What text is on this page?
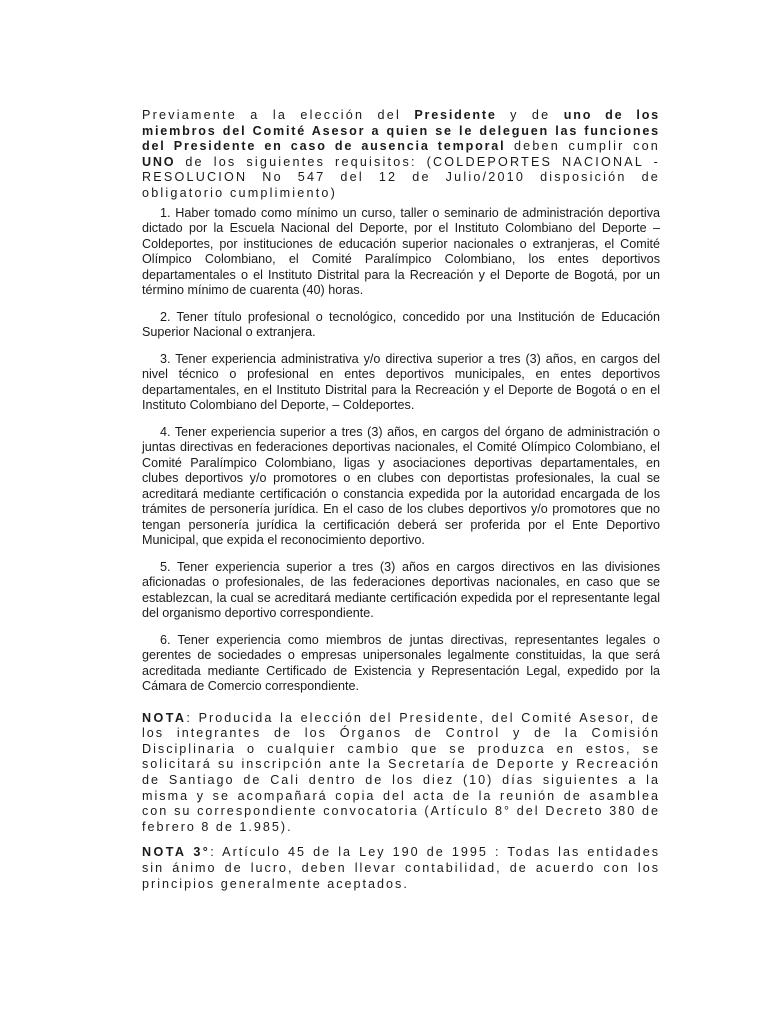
Previamente a la elección del Presidente y de uno de los miembros del Comité Asesor a quien se le deleguen las funciones del Presidente en caso de ausencia temporal deben cumplir con UNO de los siguientes requisitos: (COLDEPORTES NACIONAL - RESOLUCION No 547 del 12 de Julio/2010 disposición de obligatorio cumplimiento)

1. Haber tomado como mínimo un curso, taller o seminario de administración deportiva dictado por la Escuela Nacional del Deporte, por el Instituto Colombiano del Deporte – Coldeportes, por instituciones de educación superior nacionales o extranjeras, el Comité Olímpico Colombiano, el Comité Paralímpico Colombiano, los entes deportivos departamentales o el Instituto Distrital para la Recreación y el Deporte de Bogotá, por un término mínimo de cuarenta (40) horas.

2. Tener título profesional o tecnológico, concedido por una Institución de Educación Superior Nacional o extranjera.

3. Tener experiencia administrativa y/o directiva superior a tres (3) años, en cargos del nivel técnico o profesional en entes deportivos municipales, en entes deportivos departamentales, en el Instituto Distrital para la Recreación y el Deporte de Bogotá o en el Instituto Colombiano del Deporte, – Coldeportes.

4. Tener experiencia superior a tres (3) años, en cargos del órgano de administración o juntas directivas en federaciones deportivas nacionales, el Comité Olímpico Colombiano, el Comité Paralímpico Colombiano, ligas y asociaciones deportivas departamentales, en clubes deportivos y/o promotores o en clubes con deportistas profesionales, la cual se acreditará mediante certificación o constancia expedida por la autoridad encargada de los trámites de personería jurídica. En el caso de los clubes deportivos y/o promotores que no tengan personería jurídica la certificación deberá ser proferida por el Ente Deportivo Municipal, que expida el reconocimiento deportivo.

5. Tener experiencia superior a tres (3) años en cargos directivos en las divisiones aficionadas o profesionales, de las federaciones deportivas nacionales, en caso que se establezcan, la cual se acreditará mediante certificación expedida por el representante legal del organismo deportivo correspondiente.

6. Tener experiencia como miembros de juntas directivas, representantes legales o gerentes de sociedades o empresas unipersonales legalmente constituidas, la que será acreditada mediante Certificado de Existencia y Representación Legal, expedido por la Cámara de Comercio correspondiente.

NOTA: Producida la elección del Presidente, del Comité Asesor, de los integrantes de los Órganos de Control y de la Comisión Disciplinaria o cualquier cambio que se produzca en estos, se solicitará su inscripción ante la Secretaría de Deporte y Recreación de Santiago de Cali dentro de los diez (10) días siguientes a la misma y se acompañará copia del acta de la reunión de asamblea con su correspondiente convocatoria (Artículo 8° del Decreto 380 de febrero 8 de 1.985).

NOTA 3°: Artículo 45 de la Ley 190 de 1995 : Todas las entidades sin ánimo de lucro, deben llevar contabilidad, de acuerdo con los principios generalmente aceptados.
